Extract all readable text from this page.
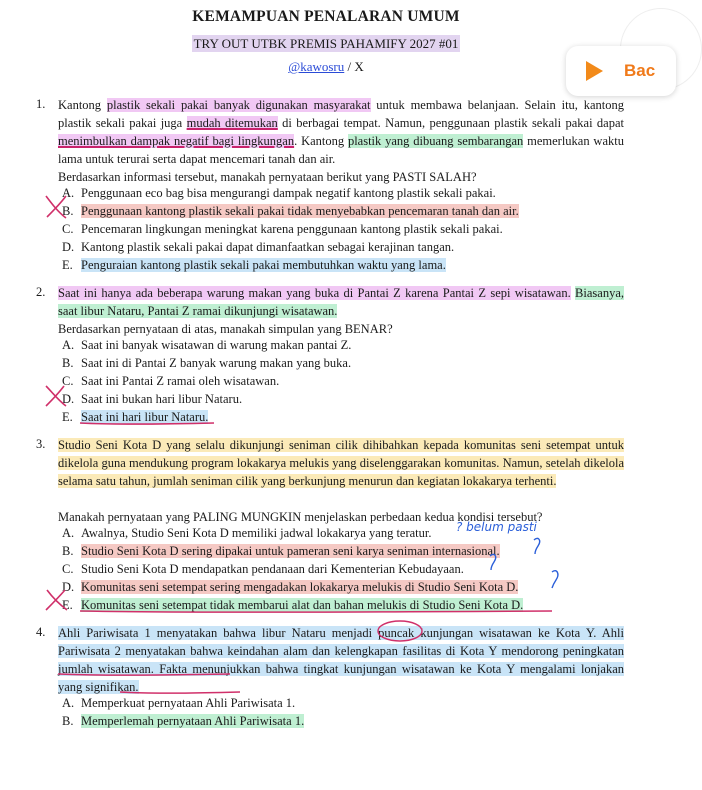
KEMAMPUAN PENALARAN UMUM
TRY OUT UTBK PREMIS PAHAMIFY 2027 #01
@kawosru / X	Bac
1. Kantong plastik sekali pakai banyak digunakan masyarakat untuk membawa belanjaan. Selain itu, kantong plastik sekali pakai juga mudah ditemukan di berbagai tempat. Namun, penggunaan plastik sekali pakai dapat menimbulkan dampak negatif bagi lingkungan. Kantong plastik yang dibuang sembarangan memerlukan waktu lama untuk terurai serta dapat mencemari tanah dan air.
Berdasarkan informasi tersebut, manakah pernyataan berikut yang PASTI SALAH?
A. Penggunaan eco bag bisa mengurangi dampak negatif kantong plastik sekali pakai.
B. Penggunaan kantong plastik sekali pakai tidak menyebabkan pencemaran tanah dan air.
C. Pencemaran lingkungan meningkat karena penggunaan kantong plastik sekali pakai.
D. Kantong plastik sekali pakai dapat dimanfaatkan sebagai kerajinan tangan.
E. Penguraian kantong plastik sekali pakai membutuhkan waktu yang lama.
2. Saat ini hanya ada beberapa warung makan yang buka di Pantai Z karena Pantai Z sepi wisatawan. Biasanya, saat libur Nataru, Pantai Z ramai dikunjungi wisatawan.
Berdasarkan pernyataan di atas, manakah simpulan yang BENAR?
A. Saat ini banyak wisatawan di warung makan pantai Z.
B. Saat ini di Pantai Z banyak warung makan yang buka.
C. Saat ini Pantai Z ramai oleh wisatawan.
D. Saat ini bukan hari libur Nataru.
E. Saat ini hari libur Nataru.
3. Studio Seni Kota D yang selalu dikunjungi seniman cilik dihibahkan kepada komunitas seni setempat untuk dikelola guna mendukung program lokakarya melukis yang diselenggarakan komunitas. Namun, setelah dikelola selama satu tahun, jumlah seniman cilik yang berkunjung menurun dan kegiatan lokakarya terhenti.
Manakah pernyataan yang PALING MUNGKIN menjelaskan perbedaan kedua kondisi tersebut?
A. Awalnya, Studio Seni Kota D memiliki jadwal lokakarya yang teratur.
B. Studio Seni Kota D sering dipakai untuk pameran seni karya seniman internasional.
C. Studio Seni Kota D mendapatkan pendanaan dari Kementerian Kebudayaan.
D. Komunitas seni setempat sering mengadakan lokakarya melukis di Studio Seni Kota D.
E. Komunitas seni setempat tidak membarui alat dan bahan melukis di Studio Seni Kota D.
? belum pasti
4. Ahli Pariwisata 1 menyatakan bahwa libur Nataru menjadi puncak kunjungan wisatawan ke Kota Y. Ahli Pariwisata 2 menyatakan bahwa keindahan alam dan kelengkapan fasilitas di Kota Y mendorong peningkatan jumlah wisatawan. Fakta menunjukkan bahwa tingkat kunjungan wisatawan ke Kota Y mengalami lonjakan yang signifikan.
A. Memperkuat pernyataan Ahli Pariwisata 1.
B. Memperlemah pernyataan Ahli Pariwisata 1.
